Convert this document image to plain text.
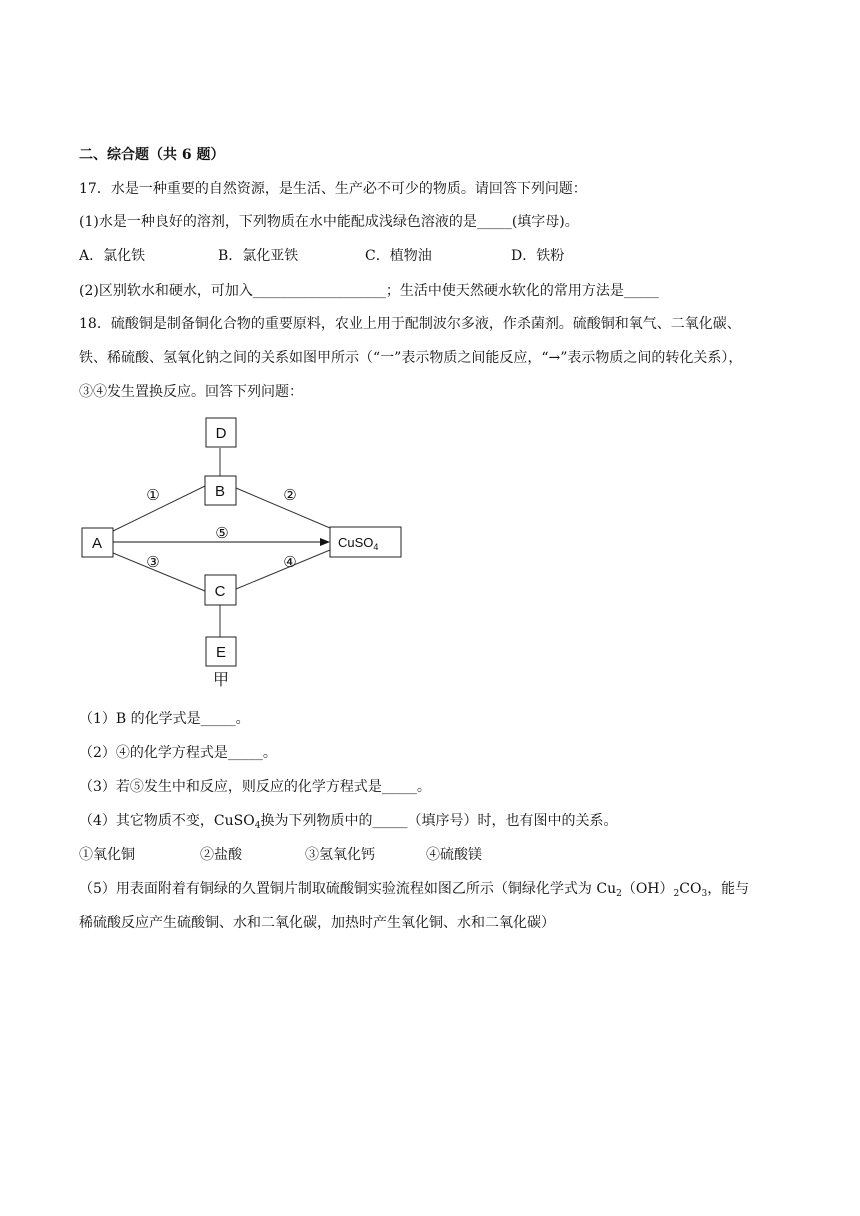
二、综合题（共 6 题）
17．水是一种重要的自然资源，是生活、生产必不可少的物质。请回答下列问题：
(1)水是一种良好的溶剂，下列物质在水中能配成浅绿色溶液的是_____(填字母)。
A．氯化铁	B．氯化亚铁	C．植物油	D．铁粉
(2)区别软水和硬水，可加入___________________；生活中使天然硬水软化的常用方法是_____
18．硫酸铜是制备铜化合物的重要原料，农业上用于配制波尔多液，作杀菌剂。硫酸铜和氧气、二氧化碳、
铁、稀硫酸、氢氧化钠之间的关系如图甲所示（“一”表示物质之间能反应，“→”表示物质之间的转化关系），
③④发生置换反应。回答下列问题：
D
B
A	CuSO$_4$
C
E
①	②
⑤
③	④
甲
（1）B 的化学式是_____。
（2）④的化学方程式是_____。
（3）若⑤发生中和反应，则反应的化学方程式是_____。
（4）其它物质不变，CuSO$_4$换为下列物质中的_____（填序号）时，也有图中的关系。
①氧化铜	②盐酸	③氢氧化钙	④硫酸镁
（5）用表面附着有铜绿的久置铜片制取硫酸铜实验流程如图乙所示（铜绿化学式为 $Cu_2(OH)_2CO_3$，能与
稀硫酸反应产生硫酸铜、水和二氧化碳，加热时产生氧化铜、水和二氧化碳）
